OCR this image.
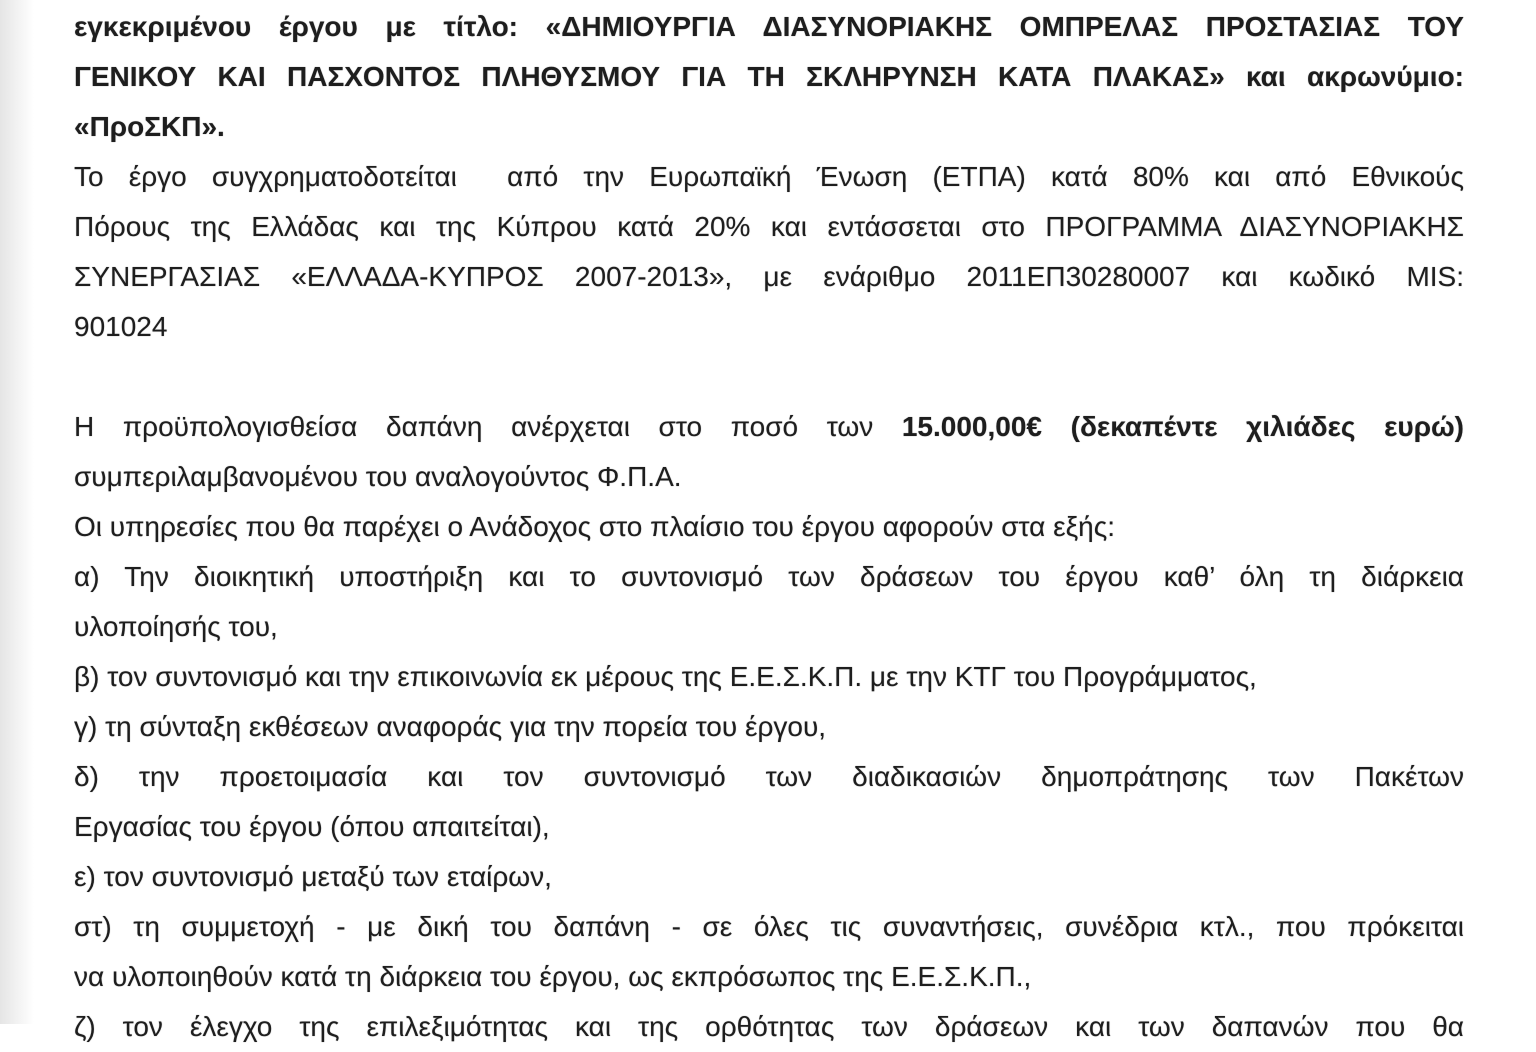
εγκεκριμένου έργου με τίτλο: «ΔΗΜΙΟΥΡΓΙΑ ΔΙΑΣΥΝΟΡΙΑΚΗΣ ΟΜΠΡΕΛΑΣ ΠΡΟΣΤΑΣΙΑΣ ΤΟΥ
ΓΕΝΙΚΟΥ ΚΑΙ ΠΑΣΧΟΝΤΟΣ ΠΛΗΘΥΣΜΟΥ ΓΙΑ ΤΗ ΣΚΛΗΡΥΝΣΗ ΚΑΤΑ ΠΛΑΚΑΣ» και ακρωνύμιο:
«ΠροΣΚΠ».
Το έργο συγχρηματοδοτείται  από την Ευρωπαϊκή Ένωση (ΕΤΠΑ) κατά 80% και από Εθνικούς
Πόρους της Ελλάδας και της Κύπρου κατά 20% και εντάσσεται στο ΠΡΟΓΡΑΜΜΑ ΔΙΑΣΥΝΟΡΙΑΚΗΣ
ΣΥΝΕΡΓΑΣΙΑΣ «ΕΛΛΑΔΑ-ΚΥΠΡΟΣ 2007-2013», με ενάριθμο 2011ΕΠ30280007 και κωδικό MIS:
901024
Η προϋπολογισθείσα δαπάνη ανέρχεται στο ποσό των 15.000,00€ (δεκαπέντε χιλιάδες ευρώ)
συμπεριλαμβανομένου του αναλογούντος Φ.Π.Α.
Οι υπηρεσίες που θα παρέχει ο Ανάδοχος στο πλαίσιο του έργου αφορούν στα εξής:
α) Την διοικητική υποστήριξη και το συντονισμό των δράσεων του έργου καθ’ όλη τη διάρκεια
υλοποίησής του,
β) τον συντονισμό και την επικοινωνία εκ μέρους της Ε.Ε.Σ.Κ.Π. με την ΚΤΓ του Προγράμματος,
γ) τη σύνταξη εκθέσεων αναφοράς για την πορεία του έργου,
δ) την προετοιμασία και τον συντονισμό των διαδικασιών δημοπράτησης των Πακέτων
Εργασίας του έργου (όπου απαιτείται),
ε) τον συντονισμό μεταξύ των εταίρων,
στ) τη συμμετοχή - με δική του δαπάνη - σε όλες τις συναντήσεις, συνέδρια κτλ., που πρόκειται
να υλοποιηθούν κατά τη διάρκεια του έργου, ως εκπρόσωπος της Ε.Ε.Σ.Κ.Π.,
ζ) τον έλεγχο της επιλεξιμότητας και της ορθότητας των δράσεων και των δαπανών που θα
